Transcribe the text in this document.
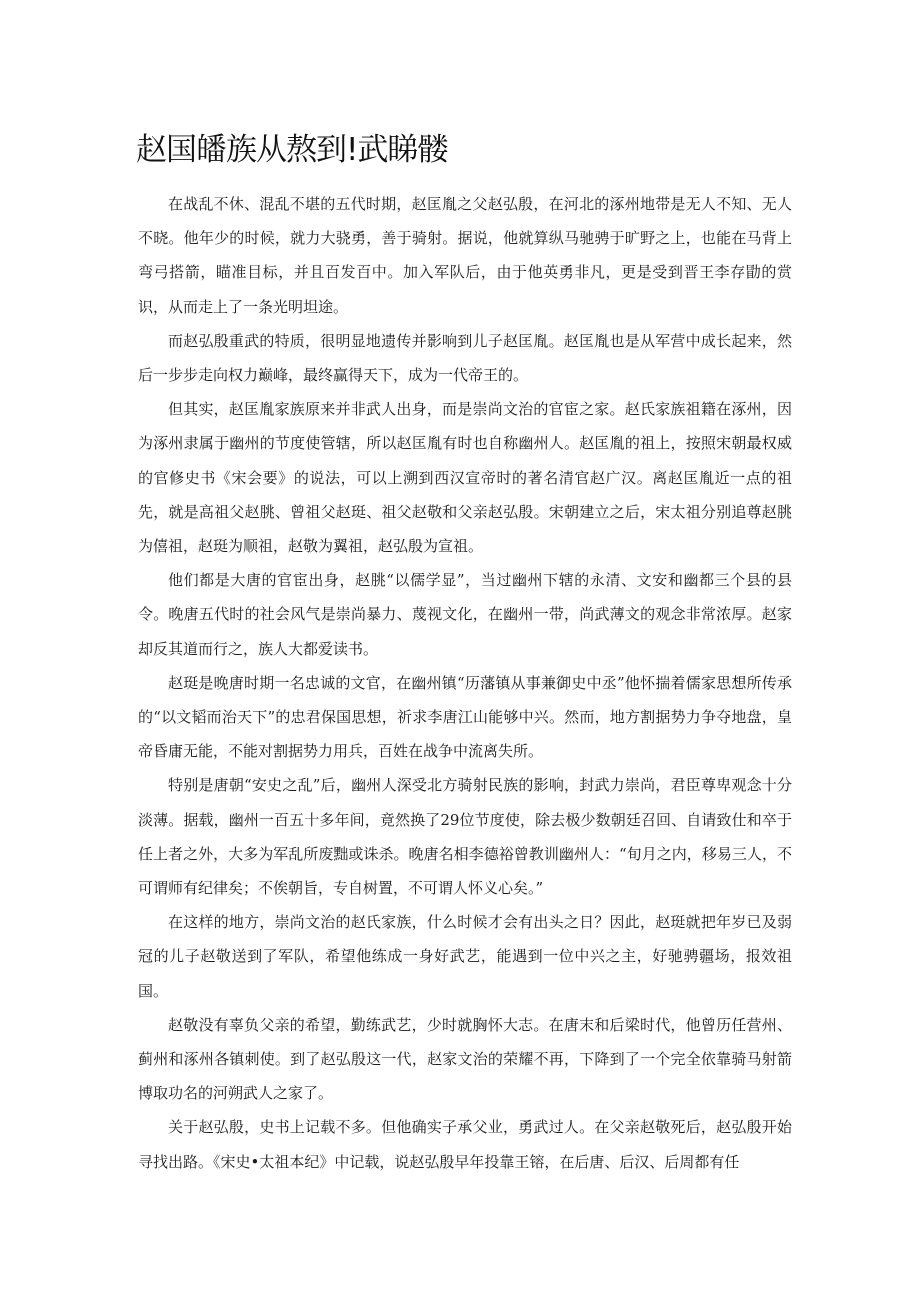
赵国皤族从熬到!武睇髅

在战乱不休、混乱不堪的五代时期，赵匡胤之父赵弘殷，在河北的涿州地带是无人不知、无人不晓。他年少的时候，就力大骁勇，善于骑射。据说，他就算纵马驰骋于旷野之上，也能在马背上弯弓搭箭，瞄准目标，并且百发百中。加入军队后，由于他英勇非凡，更是受到晋王李存勖的赏识，从而走上了一条光明坦途。

而赵弘殷重武的特质，很明显地遗传并影响到儿子赵匡胤。赵匡胤也是从军营中成长起来，然后一步步走向权力巅峰，最终赢得天下，成为一代帝王的。

但其实，赵匡胤家族原来并非武人出身，而是崇尚文治的官宦之家。赵氏家族祖籍在涿州，因为涿州隶属于幽州的节度使管辖，所以赵匡胤有时也自称幽州人。赵匡胤的祖上，按照宋朝最权威的官修史书《宋会要》的说法，可以上溯到西汉宣帝时的著名清官赵广汉。离赵匡胤近一点的祖先，就是高祖父赵朓、曾祖父赵珽、祖父赵敬和父亲赵弘殷。宋朝建立之后，宋太祖分别追尊赵朓为僖祖，赵珽为顺祖，赵敬为翼祖，赵弘殷为宣祖。

他们都是大唐的官宦出身，赵朓“以儒学显”，当过幽州下辖的永清、文安和幽都三个县的县令。晚唐五代时的社会风气是崇尚暴力、蔑视文化，在幽州一带，尚武薄文的观念非常浓厚。赵家却反其道而行之，族人大都爱读书。

赵珽是晚唐时期一名忠诚的文官，在幽州镇“历藩镇从事兼御史中丞”他怀揣着儒家思想所传承的“以文韬而治天下”的忠君保国思想，祈求李唐江山能够中兴。然而，地方割据势力争夺地盘，皇帝昏庸无能，不能对割据势力用兵，百姓在战争中流离失所。

特别是唐朝“安史之乱”后，幽州人深受北方骑射民族的影响，封武力崇尚，君臣尊卑观念十分淡薄。据载，幽州一百五十多年间，竟然换了29位节度使，除去极少数朝廷召回、自请致仕和卒于任上者之外，大多为军乱所废黜或诛杀。晚唐名相李德裕曾教训幽州人：“旬月之内，移易三人，不可谓师有纪律矣；不俟朝旨，专自树置，不可谓人怀义心矣。”

在这样的地方，崇尚文治的赵氏家族，什么时候才会有出头之日？因此，赵珽就把年岁已及弱冠的儿子赵敬送到了军队，希望他练成一身好武艺，能遇到一位中兴之主，好驰骋疆场，报效祖国。

赵敬没有辜负父亲的希望，勤练武艺，少时就胸怀大志。在唐末和后梁时代，他曾历任营州、蓟州和涿州各镇刺使。到了赵弘殷这一代，赵家文治的荣耀不再，下降到了一个完全依靠骑马射箭博取功名的河朔武人之家了。

关于赵弘殷，史书上记载不多。但他确实子承父业，勇武过人。在父亲赵敬死后，赵弘殷开始寻找出路。《宋史•太祖本纪》中记载，说赵弘殷早年投靠王镕，在后唐、后汉、后周都有任
